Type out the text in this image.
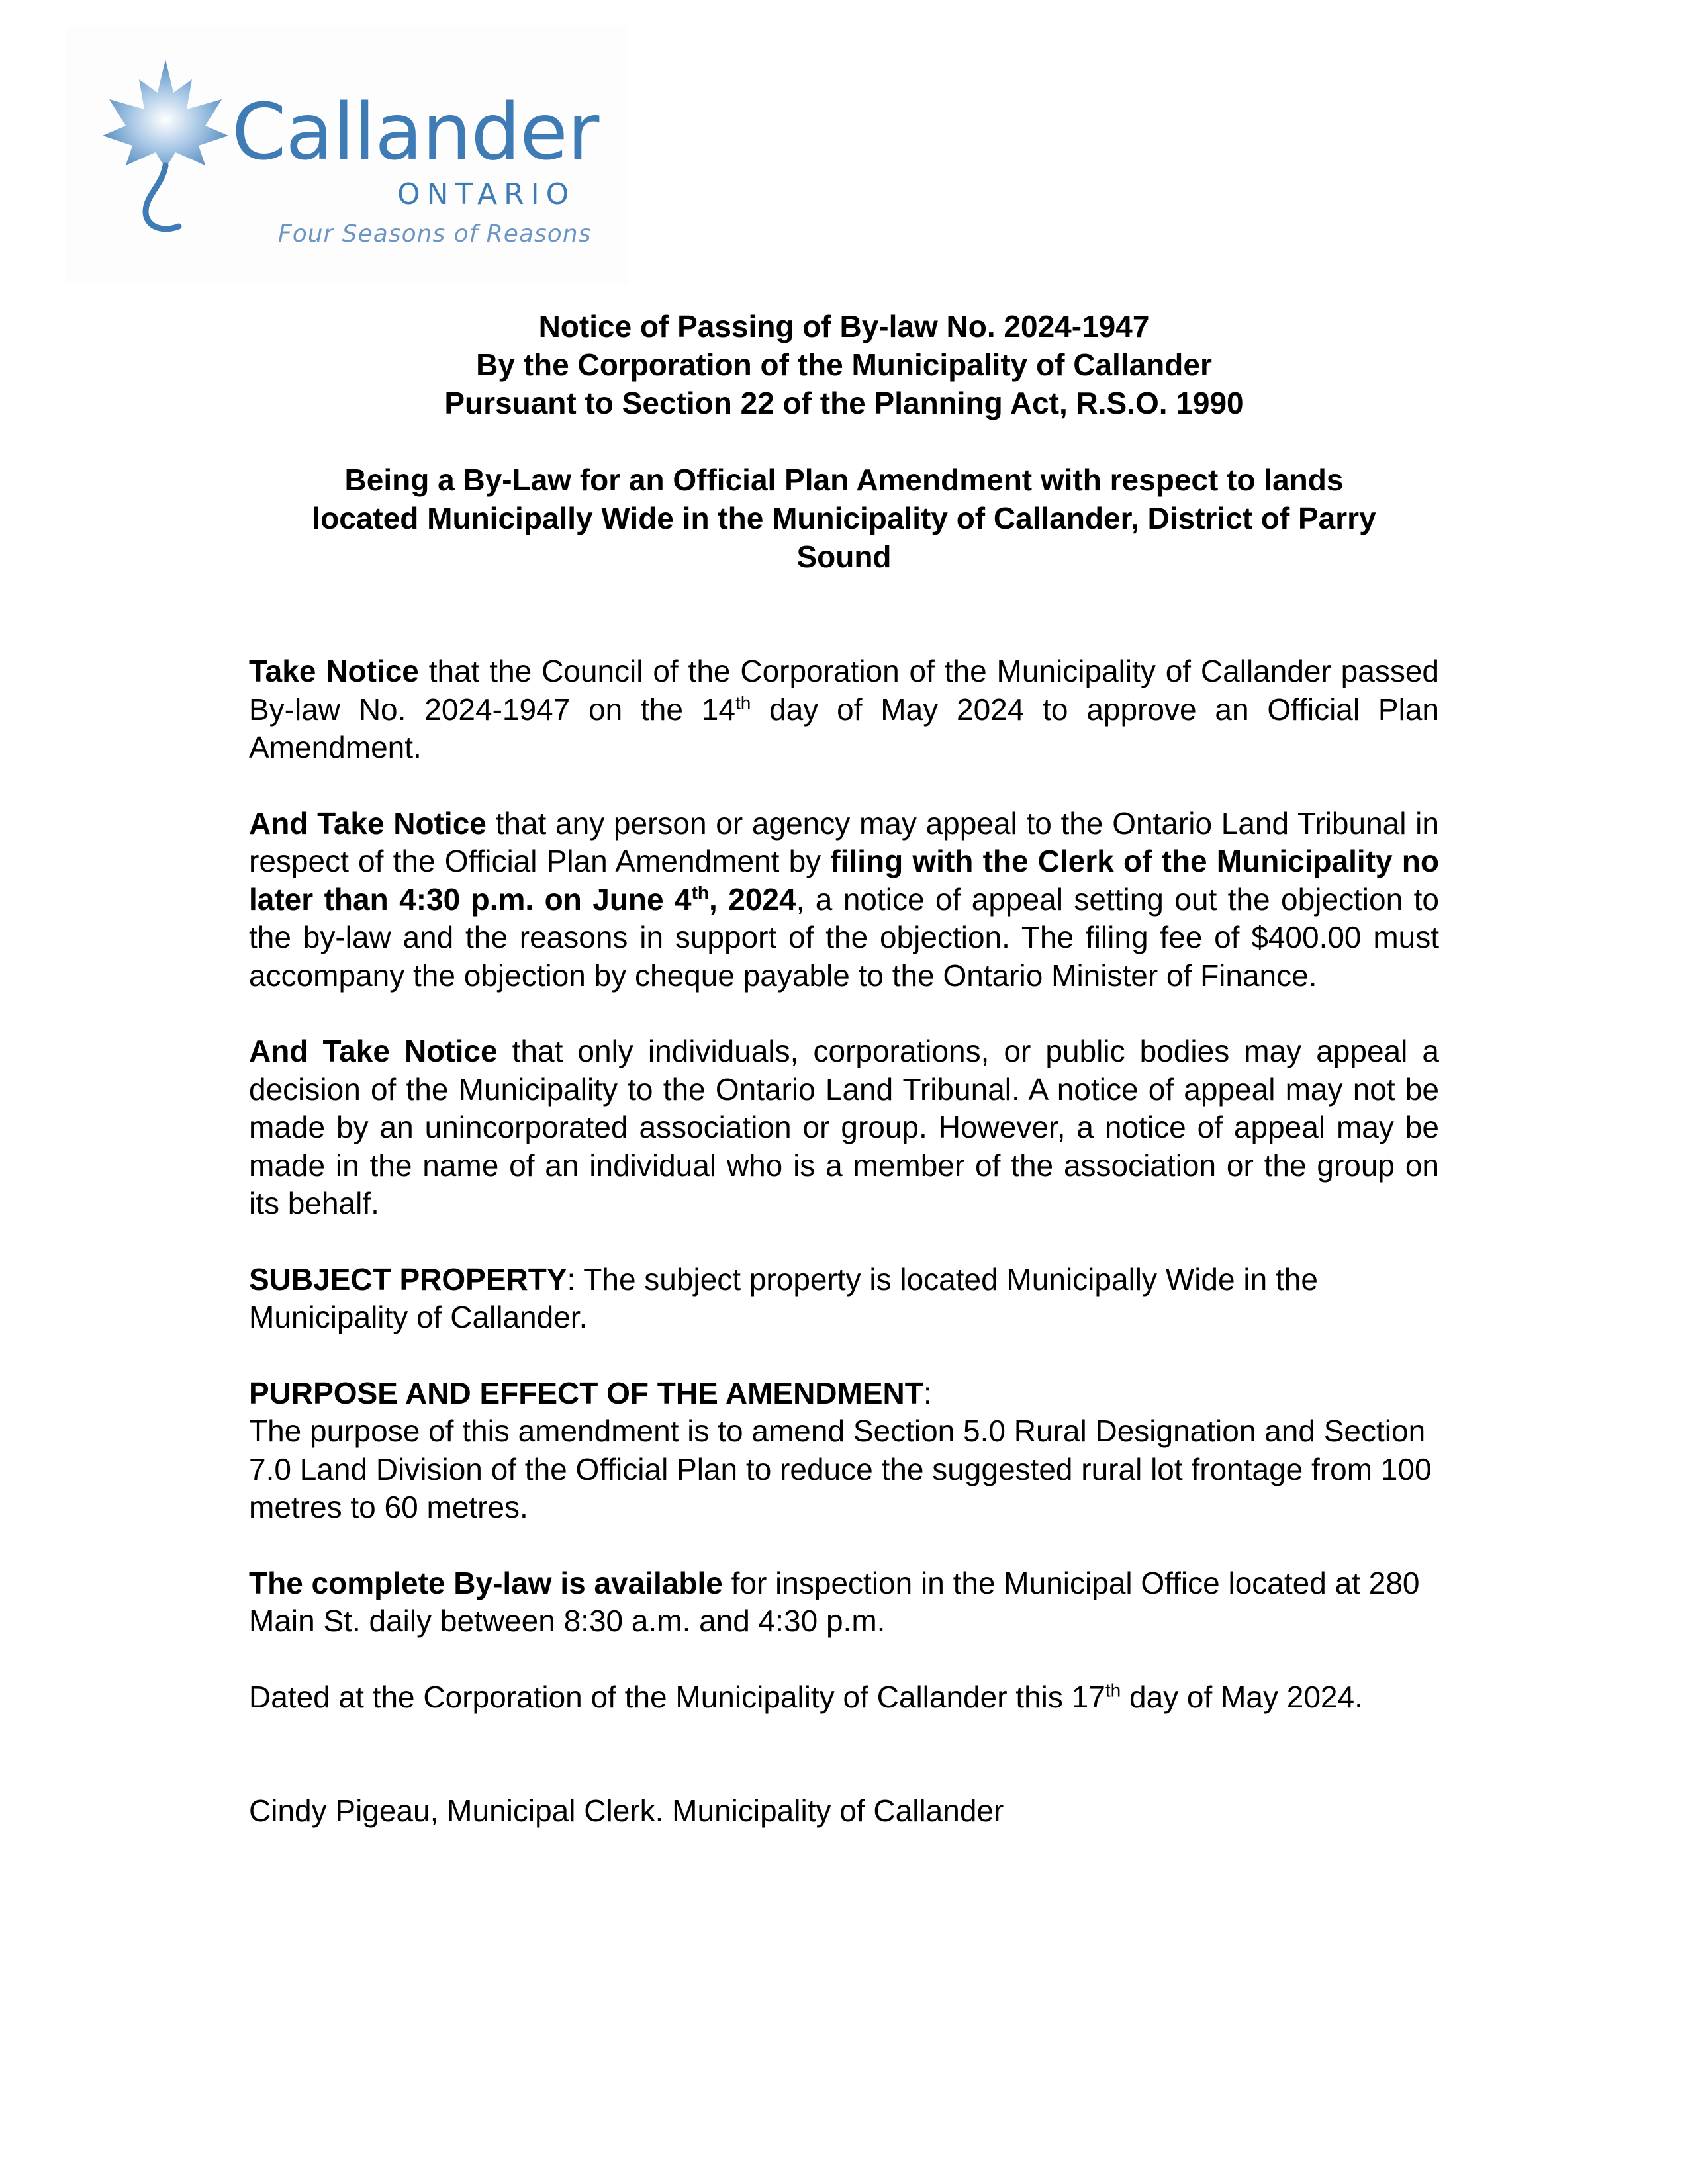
Callander
ONTARIO
Four Seasons of Reasons
Notice of Passing of By-law No. 2024-1947
By the Corporation of the Municipality of Callander
Pursuant to Section 22 of the Planning Act, R.S.O. 1990
Being a By-Law for an Official Plan Amendment with respect to lands
located Municipally Wide in the Municipality of Callander, District of Parry
Sound

Take Notice that the Council of the Corporation of the Municipality of Callander passed By-law No. 2024-1947 on the 14th day of May 2024 to approve an Official Plan Amendment.

And Take Notice that any person or agency may appeal to the Ontario Land Tribunal in respect of the Official Plan Amendment by filing with the Clerk of the Municipality no later than 4:30 p.m. on June 4th, 2024, a notice of appeal setting out the objection to the by-law and the reasons in support of the objection. The filing fee of $400.00 must accompany the objection by cheque payable to the Ontario Minister of Finance.

And Take Notice that only individuals, corporations, or public bodies may appeal a decision of the Municipality to the Ontario Land Tribunal. A notice of appeal may not be made by an unincorporated association or group. However, a notice of appeal may be made in the name of an individual who is a member of the association or the group on its behalf.

SUBJECT PROPERTY: The subject property is located Municipally Wide in the Municipality of Callander.

PURPOSE AND EFFECT OF THE AMENDMENT:
The purpose of this amendment is to amend Section 5.0 Rural Designation and Section 7.0 Land Division of the Official Plan to reduce the suggested rural lot frontage from 100 metres to 60 metres.

The complete By-law is available for inspection in the Municipal Office located at 280 Main St. daily between 8:30 a.m. and 4:30 p.m.

Dated at the Corporation of the Municipality of Callander this 17th day of May 2024.

Cindy Pigeau, Municipal Clerk. Municipality of Callander
